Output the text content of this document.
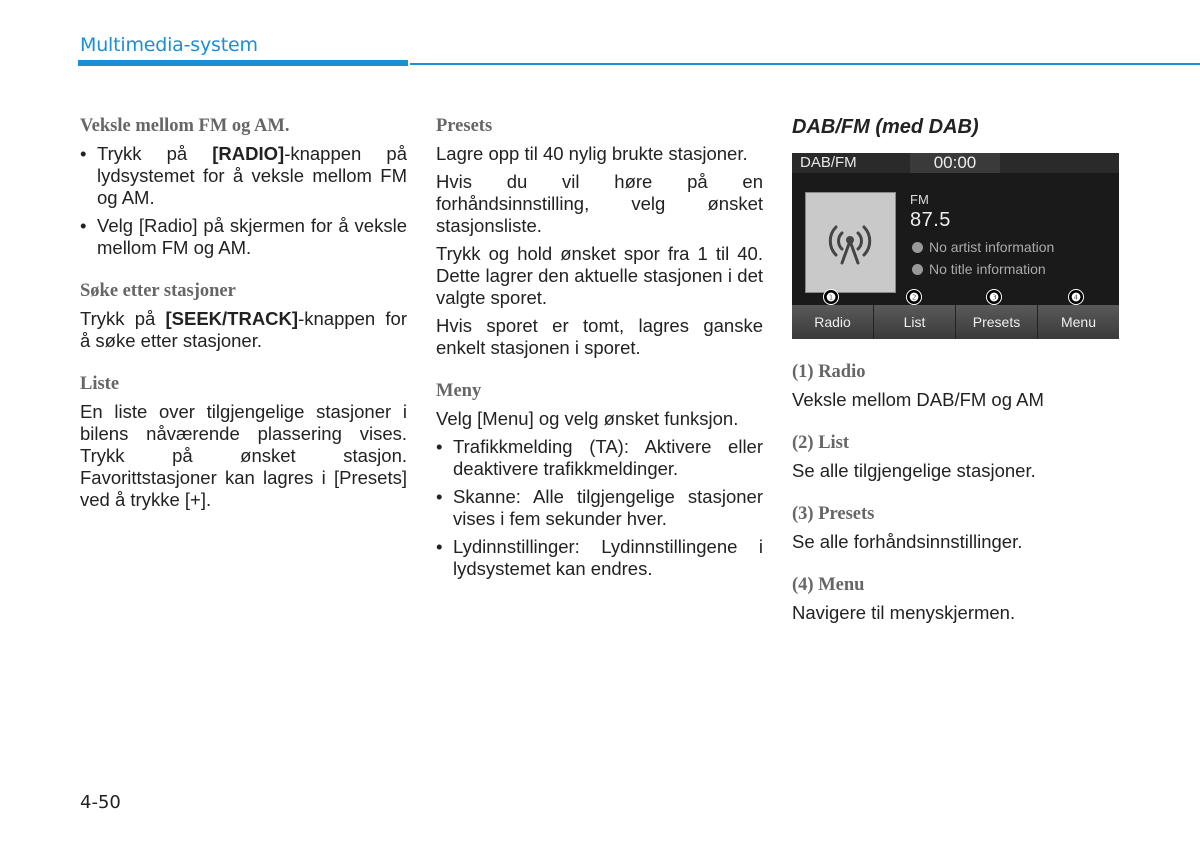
Multimedia-system
Veksle mellom FM og AM.
• Trykk på [RADIO]-knappen på lydsystemet for å veksle mellom FM og AM.
• Velg [Radio] på skjermen for å veksle mellom FM og AM.
Søke etter stasjoner

Trykk på [SEEK/TRACK]-knappen for å søke etter stasjoner.

Liste

En liste over tilgjengelige stasjoner i bilens nåværende plassering vises. Trykk på ønsket stasjon. Favorittstasjoner kan lagres i [Presets] ved å trykke [+].

Presets

Lagre opp til 40 nylig brukte stasjoner.

Hvis du vil høre på en forhåndsinnstilling, velg ønsket stasjonsliste.

Trykk og hold ønsket spor fra 1 til 40. Dette lagrer den aktuelle stasjonen i det valgte sporet.

Hvis sporet er tomt, lagres ganske enkelt stasjonen i sporet.

Meny

Velg [Menu] og velg ønsket funksjon.

• Trafikkmelding (TA): Aktivere eller deaktivere trafikkmeldinger.
• Skanne: Alle tilgjengelige stasjoner vises i fem sekunder hver.
• Lydinnstillinger: Lydinnstillingene i lydsystemet kan endres.
DAB/FM (med DAB)
DAB/FM	00:00
FM
87.5
No artist information
No title information
❶	❷	❸	❹
Radio	List	Presets	Menu
(1) Radio

Veksle mellom DAB/FM og AM

(2) List

Se alle tilgjengelige stasjoner.

(3) Presets

Se alle forhåndsinnstillinger.

(4) Menu

Navigere til menyskjermen.

4-50
